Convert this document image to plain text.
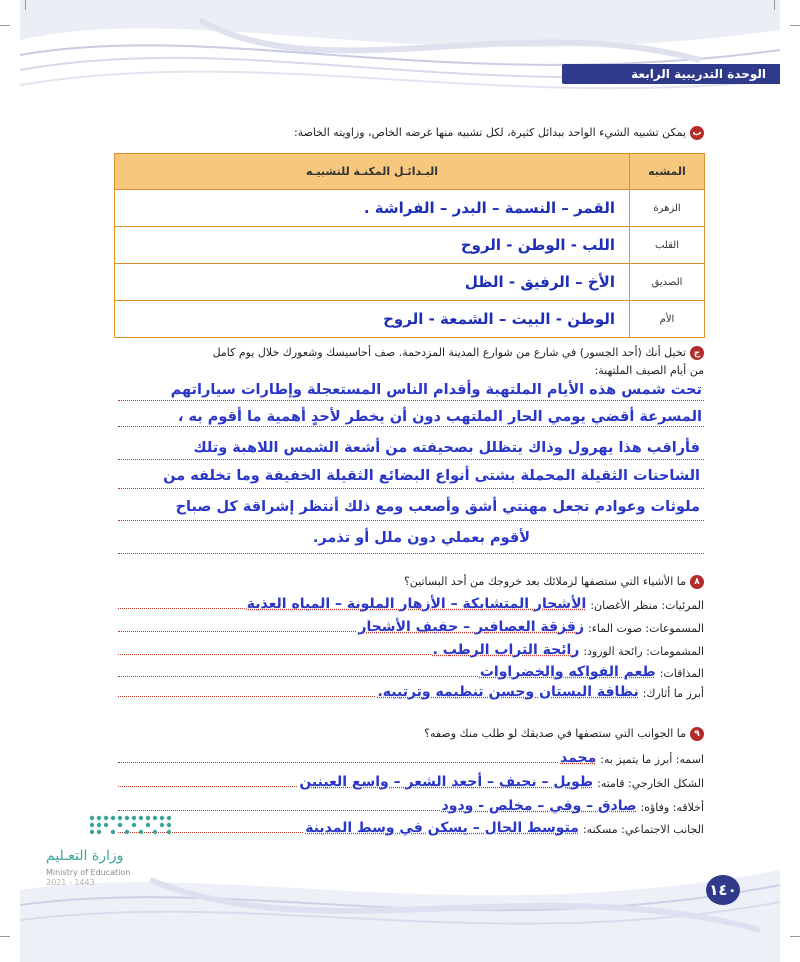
الوحدة التدريبية الرابعة
بيمكن تشبيه الشيء الواحد ببدائل كثيرة، لكل تشبيه منها غرضه الخاص، وزاويته الخاصة:
المشبه	البـدائـل المكنـة للتشبيـه
الزهرة	القمر – النسمة – البدر – الفراشة .
القلب	اللب - الوطن - الروح
الصديق	الأخ – الرفيق - الظل
الأم	الوطن - البيت – الشمعة - الروح
جتخيل أنك (أحد الجسور) في شارع من شوارع المدينة المزدحمة. صف أحاسيسك وشعورك خلال يوم كامل
من أيام الصيف الملتهبة:
تحت شمس هذه الأيام الملتهبة وأقدام الناس المستعجلة وإطارات سياراتهم
المسرعة أقضي يومي الحار الملتهب دون أن يخطر لأحدٍ أهمية ما أقوم به ،
فأراقب هذا يهرول وذاك يتظلل بصحيفته من أشعة الشمس اللاهبة وتلك
الشاحنات الثقيلة المحملة بشتى أنواع البضائع الثقيلة الخفيفة وما تخلفه من
ملوثات وعوادم تجعل مهنتي أشق وأصعب ومع ذلك أنتظر إشراقة كل صباح
لأقوم بعملي دون ملل أو تذمر.
٨ما الأشياء التي ستصفها لزملائك بعد خروجك من أحد البساتين؟
المرئيات: منظر الأغصان:
الأشجار المتشابكة – الأزهار الملونة – المياه العذبة
المسموعات: صوت الماء:
زقزقة العصافير – حفيف الأشجار
المشمومات: رائحة الورود:
رائحة التراب الرطب .
المذاقات:
طعم الفواكه والخضراوات
أبرز ما أثارك:
نظافة البستان وحسن تنظيمه وترتيبه.
٩ما الجوانب التي ستصفها في صديقك لو طلب منك وصفه؟
اسمه: أبرز ما يتميز به:
محمد
الشكل الخارجي: قامته:
طويل – نحيف – أجعد الشعر – واسع العينين
أخلاقه: وفاؤه:
صادق – وفي – مخلص - ودود
الجانب الاجتماعي: مسكنه:
متوسط الحال – يسكن في وسط المدينة
وزارة التعـليم
Ministry of Education
2021 - 1443	١٤٠
